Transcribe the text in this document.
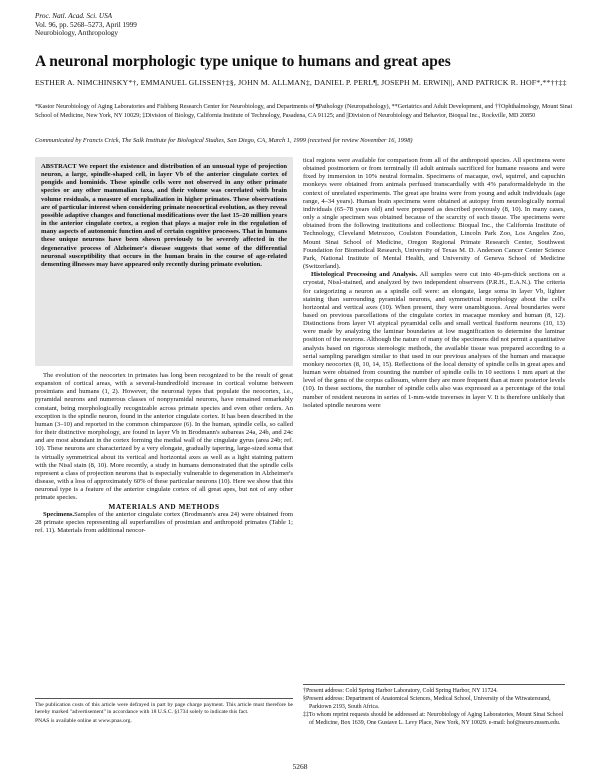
Proc. Natl. Acad. Sci. USA
Vol. 96, pp. 5268–5273, April 1999
Neurobiology, Anthropology
A neuronal morphologic type unique to humans and great apes
ESTHER A. NIMCHINSKY*†, EMMANUEL GLISSEN†‡§, JOHN M. ALLMAN‡, DANIEL P. PERL¶, JOSEPH M. ERWIN||, AND PATRICK R. HOF*,**††‡‡
*Kastor Neurobiology of Aging Laboratories and Fishberg Research Center for Neurobiology, and Departments of ¶Pathology (Neuropathology), **Geriatrics and Adult Development, and ††Ophthalmology, Mount Sinai School of Medicine, New York, NY 10029; ‡Division of Biology, California Institute of Technology, Pasadena, CA 91125; and ||Division of Neurobiology and Behavior, Bioqual Inc., Rockville, MD 20850
Communicated by Francis Crick, The Salk Institute for Biological Studies, San Diego, CA, March 1, 1999 (received for review November 16, 1998)
ABSTRACT We report the existence and distribution of an unusual type of projection neuron, a large, spindle-shaped cell, in layer Vb of the anterior cingulate cortex of pongids and hominids. These spindle cells were not observed in any other primate species or any other mammalian taxa, and their volume was correlated with brain volume residuals, a measure of encephalization in higher primates. These observations are of particular interest when considering primate neocortical evolution, as they reveal possible adaptive changes and functional modifications over the last 15–20 million years in the anterior cingulate cortex, a region that plays a major role in the regulation of many aspects of autonomic function and of certain cognitive processes. That in humans these unique neurons have been shown previously to be severely affected in the degenerative process of Alzheimer's disease suggests that some of the differential neuronal susceptibility that occurs in the human brain in the course of age-related dementing illnesses may have appeared only recently during primate evolution.

The evolution of the neocortex in primates has long been recognized to be the result of great expansion of cortical areas, with a several-hundredfold increase in cortical volume between prosimians and humans (1, 2). However, the neuronal types that populate the neocortex, i.e., pyramidal neurons and numerous classes of nonpyramidal neurons, have remained remarkably constant, being morphologically recognizable across primate species and even other orders. An exception is the spindle neuron, found in the anterior cingulate cortex. It has been described in the human (3–10) and reported in the common chimpanzee (6). In the human, spindle cells, so called for their distinctive morphology, are found in layer Vb in Brodmann's subareas 24a, 24b, and 24c and are most abundant in the cortex forming the medial wall of the cingulate gyrus (area 24b; ref. 10). These neurons are characterized by a very elongate, gradually tapering, large-sized soma that is virtually symmetrical about its vertical and horizontal axes as well as a light staining pattern with the Nissl stain (8, 10). More recently, a study in humans demonstrated that the spindle cells represent a class of projection neurons that is especially vulnerable to degeneration in Alzheimer's disease, with a loss of approximately 60% of these particular neurons (10). Here we show that this neuronal type is a feature of the anterior cingulate cortex of all great apes, but not of any other primate species.

MATERIALS AND METHODS

Specimens.Samples of the anterior cingulate cortex (Brodmann's area 24) were obtained from 28 primate species representing all superfamilies of prosimian and anthropoid primates (Table 1; ref. 11). Materials from additional neocor-

tical regions were available for comparison from all of the anthropoid species. All specimens were obtained postmortem or from terminally ill adult animals sacrificed for humane reasons and were fixed by immersion in 10% neutral formalin. Specimens of macaque, owl, squirrel, and capuchin monkeys were obtained from animals perfused transcardially with 4% paraformaldehyde in the context of unrelated experiments. The great ape brains were from young and adult individuals (age range, 4–34 years). Human brain specimens were obtained at autopsy from neurologically normal individuals (65–78 years old) and were prepared as described previously (8, 10). In many cases, only a single specimen was obtained because of the scarcity of such tissue. The specimens were obtained from the following institutions and collections: Bioqual Inc., the California Institute of Technology, Cleveland Metrozoo, Coulston Foundation, Lincoln Park Zoo, Los Angeles Zoo, Mount Sinai School of Medicine, Oregon Regional Primate Research Center, Southwest Foundation for Biomedical Research, University of Texas M. D. Anderson Cancer Center Science Park, National Institute of Mental Health, and University of Geneva School of Medicine (Switzerland).

Histological Processing and Analysis. All samples were cut into 40-µm-thick sections on a cryostat, Nissl-stained, and analyzed by two independent observers (P.R.H., E.A.N.). The criteria for categorizing a neuron as a spindle cell were: an elongate, large soma in layer Vb, lighter staining than surrounding pyramidal neurons, and symmetrical morphology about the cell's horizontal and vertical axes (10). When present, they were unambiguous. Areal boundaries were based on previous parcellations of the cingulate cortex in macaque monkey and human (8, 12). Distinctions from layer VI atypical pyramidal cells and small vertical fusiform neurons (10, 13) were made by analyzing the laminar boundaries at low magnification to determine the laminar position of the neurons. Although the nature of many of the specimens did not permit a quantitative analysis based on rigorous stereologic methods, the available tissue was prepared according to a serial sampling paradigm similar to that used in our previous analyses of the human and macaque monkey neocortex (8, 10, 14, 15). Reflections of the local density of spindle cells in great apes and human were obtained from counting the number of spindle cells in 10 sections 1 mm apart at the level of the genu of the corpus callosum, where they are more frequent than at more posterior levels (10). In these sections, the number of spindle cells also was expressed as a percentage of the total number of resident neurons in series of 1-mm-wide traverses in layer V. It is therefore unlikely that isolated spindle neurons were

The publication costs of this article were defrayed in part by page charge payment. This article must therefore be hereby marked "advertisement" in accordance with 18 U.S.C. §1734 solely to indicate this fact.

PNAS is available online at www.pnas.org.

†Present address: Cold Spring Harbor Laboratory, Cold Spring Harbor, NY 11724.

§Present address: Department of Anatomical Sciences, Medical School, University of the Witwatersrand, Parktown 2193, South Africa.

‡‡To whom reprint requests should be addressed at: Neurobiology of Aging Laboratories, Mount Sinai School of Medicine, Box 1639, One Gustave L. Levy Place, New York, NY 10029. e-mail: hof@neuro.mssm.edu.

5268
